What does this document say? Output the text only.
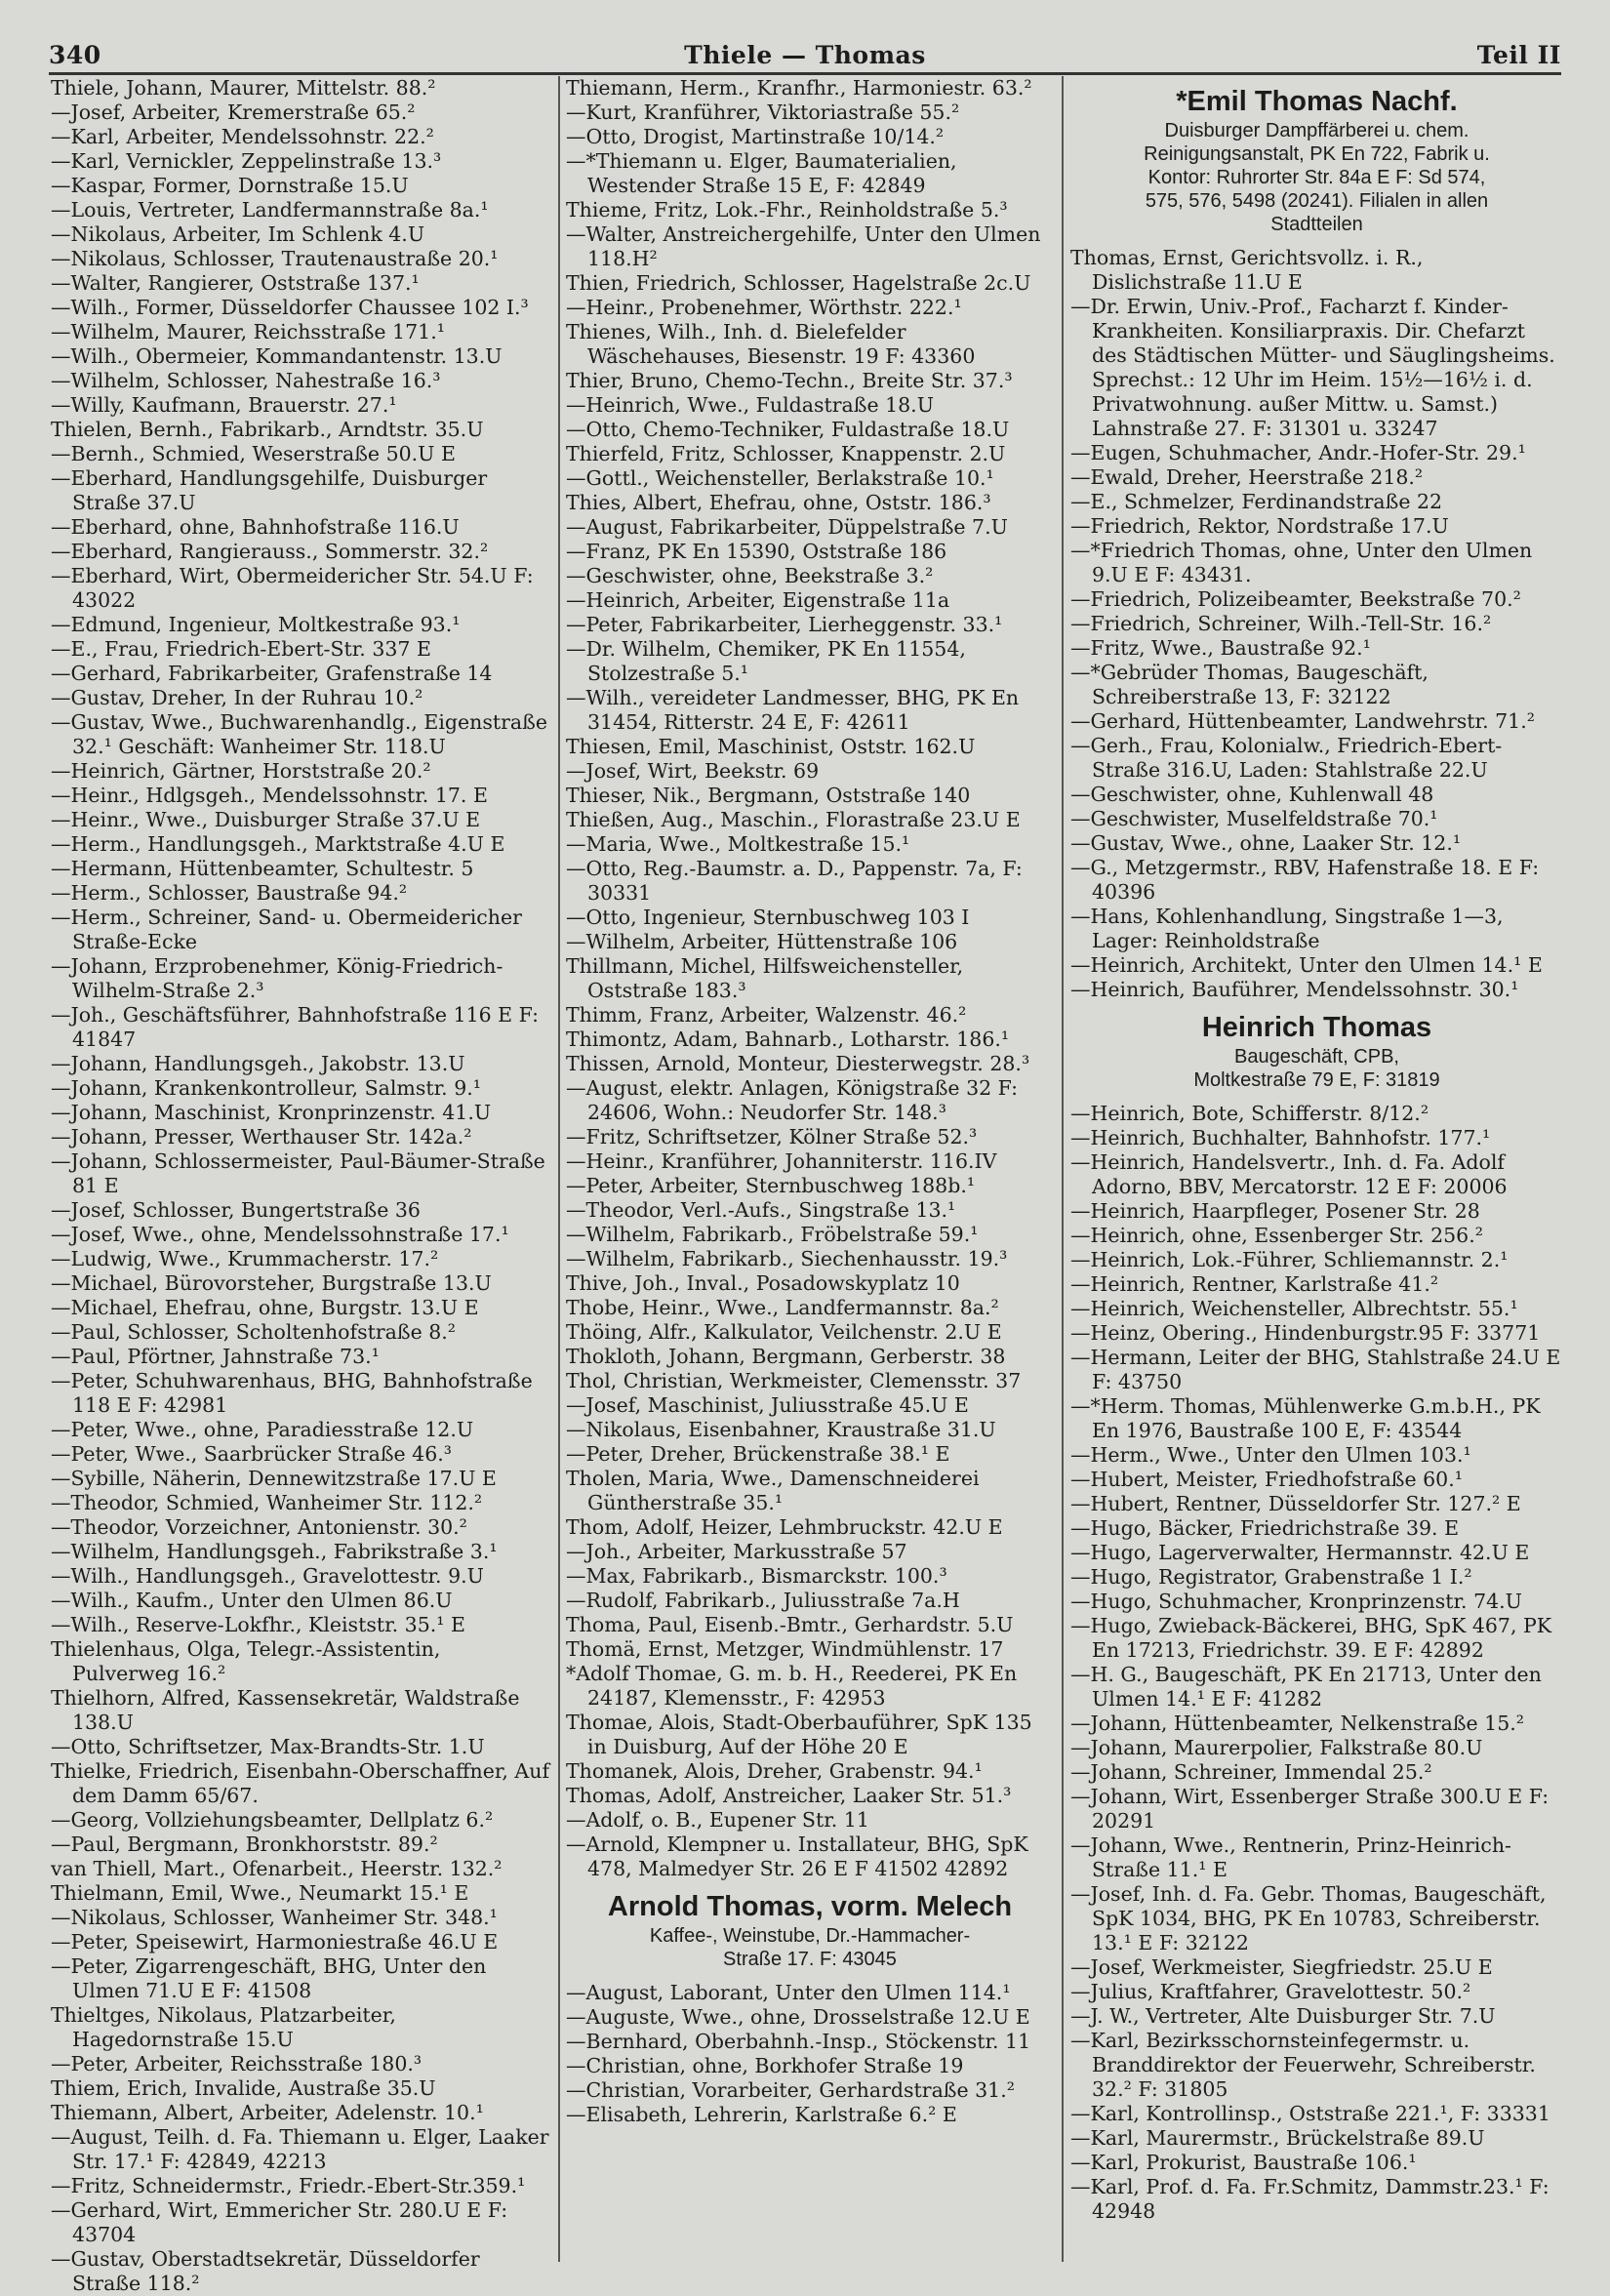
340	Thiele — Thomas	Teil II

Thiele, Johann, Maurer, Mittelstr. 88.²

—Josef, Arbeiter, Kremerstraße 65.²

—Karl, Arbeiter, Mendelssohnstr. 22.²

—Karl, Vernickler, Zeppelinstraße 13.³

—Kaspar, Former, Dornstraße 15.U

—Louis, Vertreter, Landfermannstraße 8a.¹

—Nikolaus, Arbeiter, Im Schlenk 4.U

—Nikolaus, Schlosser, Trautenaustraße 20.¹

—Walter, Rangierer, Oststraße 137.¹

—Wilh., Former, Düsseldorfer Chaussee 102 I.³

—Wilhelm, Maurer, Reichsstraße 171.¹

—Wilh., Obermeier, Kommandantenstr. 13.U

—Wilhelm, Schlosser, Nahestraße 16.³

—Willy, Kaufmann, Brauerstr. 27.¹

Thielen, Bernh., Fabrikarb., Arndtstr. 35.U

—Bernh., Schmied, Weserstraße 50.U E

—Eberhard, Handlungsgehilfe, Duisburger Straße 37.U

—Eberhard, ohne, Bahnhofstraße 116.U

—Eberhard, Rangierauss., Sommerstr. 32.²

—Eberhard, Wirt, Obermeidericher Str. 54.U F: 43022

—Edmund, Ingenieur, Moltkestraße 93.¹

—E., Frau, Friedrich-Ebert-Str. 337 E

—Gerhard, Fabrikarbeiter, Grafenstraße 14

—Gustav, Dreher, In der Ruhrau 10.²

—Gustav, Wwe., Buchwarenhandlg., Eigenstraße 32.¹ Geschäft: Wanheimer Str. 118.U

—Heinrich, Gärtner, Horststraße 20.²

—Heinr., Hdlgsgeh., Mendelssohnstr. 17. E

—Heinr., Wwe., Duisburger Straße 37.U E

—Herm., Handlungsgeh., Marktstraße 4.U E

—Hermann, Hüttenbeamter, Schultestr. 5

—Herm., Schlosser, Baustraße 94.²

—Herm., Schreiner, Sand- u. Obermeidericher Straße-Ecke

—Johann, Erzprobenehmer, König-Friedrich-Wilhelm-Straße 2.³

—Joh., Geschäftsführer, Bahnhofstraße 116 E F: 41847

—Johann, Handlungsgeh., Jakobstr. 13.U

—Johann, Krankenkontrolleur, Salmstr. 9.¹

—Johann, Maschinist, Kronprinzenstr. 41.U

—Johann, Presser, Werthauser Str. 142a.²

—Johann, Schlossermeister, Paul-Bäumer-Straße 81 E

—Josef, Schlosser, Bungertstraße 36

—Josef, Wwe., ohne, Mendelssohnstraße 17.¹

—Ludwig, Wwe., Krummacherstr. 17.²

—Michael, Bürovorsteher, Burgstraße 13.U

—Michael, Ehefrau, ohne, Burgstr. 13.U E

—Paul, Schlosser, Scholtenhofstraße 8.²

—Paul, Pförtner, Jahnstraße 73.¹

—Peter, Schuhwarenhaus, BHG, Bahnhofstraße 118 E F: 42981

—Peter, Wwe., ohne, Paradiesstraße 12.U

—Peter, Wwe., Saarbrücker Straße 46.³

—Sybille, Näherin, Dennewitzstraße 17.U E

—Theodor, Schmied, Wanheimer Str. 112.²

—Theodor, Vorzeichner, Antonienstr. 30.²

—Wilhelm, Handlungsgeh., Fabrikstraße 3.¹

—Wilh., Handlungsgeh., Gravelottestr. 9.U

—Wilh., Kaufm., Unter den Ulmen 86.U

—Wilh., Reserve-Lokfhr., Kleiststr. 35.¹ E

Thielenhaus, Olga, Telegr.-Assistentin, Pulverweg 16.²

Thielhorn, Alfred, Kassensekretär, Waldstraße 138.U

—Otto, Schriftsetzer, Max-Brandts-Str. 1.U

Thielke, Friedrich, Eisenbahn-Oberschaffner, Auf dem Damm 65/67.

—Georg, Vollziehungsbeamter, Dellplatz 6.²

—Paul, Bergmann, Bronkhorststr. 89.²

van Thiell, Mart., Ofenarbeit., Heerstr. 132.²

Thielmann, Emil, Wwe., Neumarkt 15.¹ E

—Nikolaus, Schlosser, Wanheimer Str. 348.¹

—Peter, Speisewirt, Harmoniestraße 46.U E

—Peter, Zigarrengeschäft, BHG, Unter den Ulmen 71.U E F: 41508

Thieltges, Nikolaus, Platzarbeiter, Hagedornstraße 15.U

—Peter, Arbeiter, Reichsstraße 180.³

Thiem, Erich, Invalide, Austraße 35.U

Thiemann, Albert, Arbeiter, Adelenstr. 10.¹

—August, Teilh. d. Fa. Thiemann u. Elger, Laaker Str. 17.¹ F: 42849, 42213

—Fritz, Schneidermstr., Friedr.-Ebert-Str.359.¹

—Gerhard, Wirt, Emmericher Str. 280.U E F: 43704

—Gustav, Oberstadtsekretär, Düsseldorfer Straße 118.²

Thiemann, Herm., Kranfhr., Harmoniestr. 63.²

—Kurt, Kranführer, Viktoriastraße 55.²

—Otto, Drogist, Martinstraße 10/14.²

—*Thiemann u. Elger, Baumaterialien, Westender Straße 15 E, F: 42849

Thieme, Fritz, Lok.-Fhr., Reinholdstraße 5.³

—Walter, Anstreichergehilfe, Unter den Ulmen 118.H²

Thien, Friedrich, Schlosser, Hagelstraße 2c.U

—Heinr., Probenehmer, Wörthstr. 222.¹

Thienes, Wilh., Inh. d. Bielefelder Wäschehauses, Biesenstr. 19 F: 43360

Thier, Bruno, Chemo-Techn., Breite Str. 37.³

—Heinrich, Wwe., Fuldastraße 18.U

—Otto, Chemo-Techniker, Fuldastraße 18.U

Thierfeld, Fritz, Schlosser, Knappenstr. 2.U

—Gottl., Weichensteller, Berlakstraße 10.¹

Thies, Albert, Ehefrau, ohne, Oststr. 186.³

—August, Fabrikarbeiter, Düppelstraße 7.U

—Franz, PK En 15390, Oststraße 186

—Geschwister, ohne, Beekstraße 3.²

—Heinrich, Arbeiter, Eigenstraße 11a

—Peter, Fabrikarbeiter, Lierheggenstr. 33.¹

—Dr. Wilhelm, Chemiker, PK En 11554, Stolzestraße 5.¹

—Wilh., vereideter Landmesser, BHG, PK En 31454, Ritterstr. 24 E, F: 42611

Thiesen, Emil, Maschinist, Oststr. 162.U

—Josef, Wirt, Beekstr. 69

Thieser, Nik., Bergmann, Oststraße 140

Thießen, Aug., Maschin., Florastraße 23.U E

—Maria, Wwe., Moltkestraße 15.¹

—Otto, Reg.-Baumstr. a. D., Pappenstr. 7a, F: 30331

—Otto, Ingenieur, Sternbuschweg 103 I

—Wilhelm, Arbeiter, Hüttenstraße 106

Thillmann, Michel, Hilfsweichensteller, Oststraße 183.³

Thimm, Franz, Arbeiter, Walzenstr. 46.²

Thimontz, Adam, Bahnarb., Lotharstr. 186.¹

Thissen, Arnold, Monteur, Diesterwegstr. 28.³

—August, elektr. Anlagen, Königstraße 32 F: 24606, Wohn.: Neudorfer Str. 148.³

—Fritz, Schriftsetzer, Kölner Straße 52.³

—Heinr., Kranführer, Johanniterstr. 116.IV

—Peter, Arbeiter, Sternbuschweg 188b.¹

—Theodor, Verl.-Aufs., Singstraße 13.¹

—Wilhelm, Fabrikarb., Fröbelstraße 59.¹

—Wilhelm, Fabrikarb., Siechenhausstr. 19.³

Thive, Joh., Inval., Posadowskyplatz 10

Thobe, Heinr., Wwe., Landfermannstr. 8a.²

Thöing, Alfr., Kalkulator, Veilchenstr. 2.U E

Thokloth, Johann, Bergmann, Gerberstr. 38

Thol, Christian, Werkmeister, Clemensstr. 37

—Josef, Maschinist, Juliusstraße 45.U E

—Nikolaus, Eisenbahner, Kraustraße 31.U

—Peter, Dreher, Brückenstraße 38.¹ E

Tholen, Maria, Wwe., Damenschneiderei Güntherstraße 35.¹

Thom, Adolf, Heizer, Lehmbruckstr. 42.U E

—Joh., Arbeiter, Markusstraße 57

—Max, Fabrikarb., Bismarckstr. 100.³

—Rudolf, Fabrikarb., Juliusstraße 7a.H

Thoma, Paul, Eisenb.-Bmtr., Gerhardstr. 5.U

Thomä, Ernst, Metzger, Windmühlenstr. 17

*Adolf Thomae, G. m. b. H., Reederei, PK En 24187, Klemensstr., F: 42953

Thomae, Alois, Stadt-Oberbauführer, SpK 135 in Duisburg, Auf der Höhe 20 E

Thomanek, Alois, Dreher, Grabenstr. 94.¹

Thomas, Adolf, Anstreicher, Laaker Str. 51.³

—Adolf, o. B., Eupener Str. 11

—Arnold, Klempner u. Installateur, BHG, SpK 478, Malmedyer Str. 26 E F 41502 42892

Arnold Thomas, vorm. Melech
Kaffee-, Weinstube, Dr.-Hammacher-
Straße 17. F: 43045

—August, Laborant, Unter den Ulmen 114.¹

—Auguste, Wwe., ohne, Drosselstraße 12.U E

—Bernhard, Oberbahnh.-Insp., Stöckenstr. 11

—Christian, ohne, Borkhofer Straße 19

—Christian, Vorarbeiter, Gerhardstraße 31.²

—Elisabeth, Lehrerin, Karlstraße 6.² E

*Emil Thomas Nachf.
Duisburger Dampffärberei u. chem.
Reinigungsanstalt, PK En 722, Fabrik u.
Kontor: Ruhrorter Str. 84a E F: Sd 574,
575, 576, 5498 (20241). Filialen in allen
Stadtteilen

Thomas, Ernst, Gerichtsvollz. i. R., Dislichstraße 11.U E

—Dr. Erwin, Univ.-Prof., Facharzt f. Kinder-Krankheiten. Konsiliarpraxis. Dir. Chefarzt des Städtischen Mütter- und Säuglingsheims. Sprechst.: 12 Uhr im Heim. 15½—16½ i. d. Privatwohnung. außer Mittw. u. Samst.) Lahnstraße 27. F: 31301 u. 33247

—Eugen, Schuhmacher, Andr.-Hofer-Str. 29.¹

—Ewald, Dreher, Heerstraße 218.²

—E., Schmelzer, Ferdinandstraße 22

—Friedrich, Rektor, Nordstraße 17.U

—*Friedrich Thomas, ohne, Unter den Ulmen 9.U E F: 43431.

—Friedrich, Polizeibeamter, Beekstraße 70.²

—Friedrich, Schreiner, Wilh.-Tell-Str. 16.²

—Fritz, Wwe., Baustraße 92.¹

—*Gebrüder Thomas, Baugeschäft, Schreiberstraße 13, F: 32122

—Gerhard, Hüttenbeamter, Landwehrstr. 71.²

—Gerh., Frau, Kolonialw., Friedrich-Ebert-Straße 316.U, Laden: Stahlstraße 22.U

—Geschwister, ohne, Kuhlenwall 48

—Geschwister, Muselfeldstraße 70.¹

—Gustav, Wwe., ohne, Laaker Str. 12.¹

—G., Metzgermstr., RBV, Hafenstraße 18. E F: 40396

—Hans, Kohlenhandlung, Singstraße 1—3, Lager: Reinholdstraße

—Heinrich, Architekt, Unter den Ulmen 14.¹ E

—Heinrich, Bauführer, Mendelssohnstr. 30.¹

Heinrich Thomas
Baugeschäft, CPB,
Moltkestraße 79 E, F: 31819

—Heinrich, Bote, Schifferstr. 8/12.²

—Heinrich, Buchhalter, Bahnhofstr. 177.¹

—Heinrich, Handelsvertr., Inh. d. Fa. Adolf Adorno, BBV, Mercatorstr. 12 E F: 20006

—Heinrich, Haarpfleger, Posener Str. 28

—Heinrich, ohne, Essenberger Str. 256.²

—Heinrich, Lok.-Führer, Schliemannstr. 2.¹

—Heinrich, Rentner, Karlstraße 41.²

—Heinrich, Weichensteller, Albrechtstr. 55.¹

—Heinz, Obering., Hindenburgstr.95 F: 33771

—Hermann, Leiter der BHG, Stahlstraße 24.U E F: 43750

—*Herm. Thomas, Mühlenwerke G.m.b.H., PK En 1976, Baustraße 100 E, F: 43544

—Herm., Wwe., Unter den Ulmen 103.¹

—Hubert, Meister, Friedhofstraße 60.¹

—Hubert, Rentner, Düsseldorfer Str. 127.² E

—Hugo, Bäcker, Friedrichstraße 39. E

—Hugo, Lagerverwalter, Hermannstr. 42.U E

—Hugo, Registrator, Grabenstraße 1 I.²

—Hugo, Schuhmacher, Kronprinzenstr. 74.U

—Hugo, Zwieback-Bäckerei, BHG, SpK 467, PK En 17213, Friedrichstr. 39. E F: 42892

—H. G., Baugeschäft, PK En 21713, Unter den Ulmen 14.¹ E F: 41282

—Johann, Hüttenbeamter, Nelkenstraße 15.²

—Johann, Maurerpolier, Falkstraße 80.U

—Johann, Schreiner, Immendal 25.²

—Johann, Wirt, Essenberger Straße 300.U E F: 20291

—Johann, Wwe., Rentnerin, Prinz-Heinrich-Straße 11.¹ E

—Josef, Inh. d. Fa. Gebr. Thomas, Baugeschäft, SpK 1034, BHG, PK En 10783, Schreiberstr. 13.¹ E F: 32122

—Josef, Werkmeister, Siegfriedstr. 25.U E

—Julius, Kraftfahrer, Gravelottestr. 50.²

—J. W., Vertreter, Alte Duisburger Str. 7.U

—Karl, Bezirksschornsteinfegermstr. u. Branddirektor der Feuerwehr, Schreiberstr. 32.² F: 31805

—Karl, Kontrollinsp., Oststraße 221.¹, F: 33331

—Karl, Maurermstr., Brückelstraße 89.U

—Karl, Prokurist, Baustraße 106.¹

—Karl, Prof. d. Fa. Fr.Schmitz, Dammstr.23.¹ F: 42948
